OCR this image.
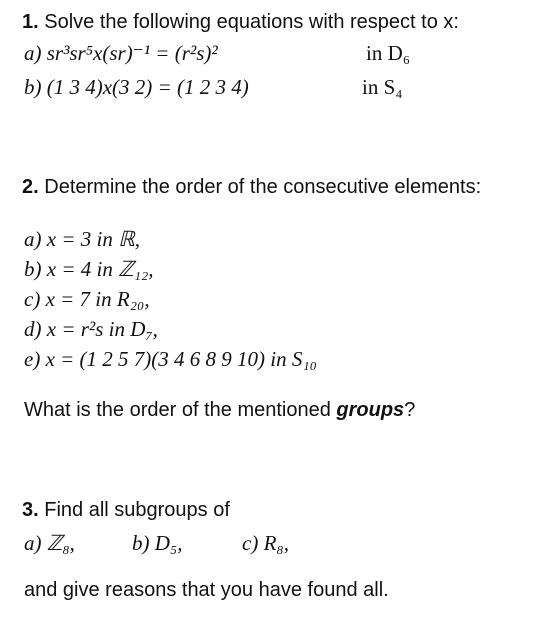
1. Solve the following equations with respect to x:
a) sr³sr⁵x(sr)⁻¹ = (r²s)²	in D₆
b) (1 3 4)x(3 2) = (1 2 3 4)	in S₄
2. Determine the order of the consecutive elements:
a) x = 3 in ℝ,
b) x = 4 in ℤ₁₂,
c) x = 7 in R₂₀,
d) x = r²s in D₇,
e) x = (1 2 5 7)(3 4 6 8 9 10) in S₁₀
What is the order of the mentioned groups?
3. Find all subgroups of
a) ℤ₈,	b) D₅,	c) R₈,
and give reasons that you have found all.
